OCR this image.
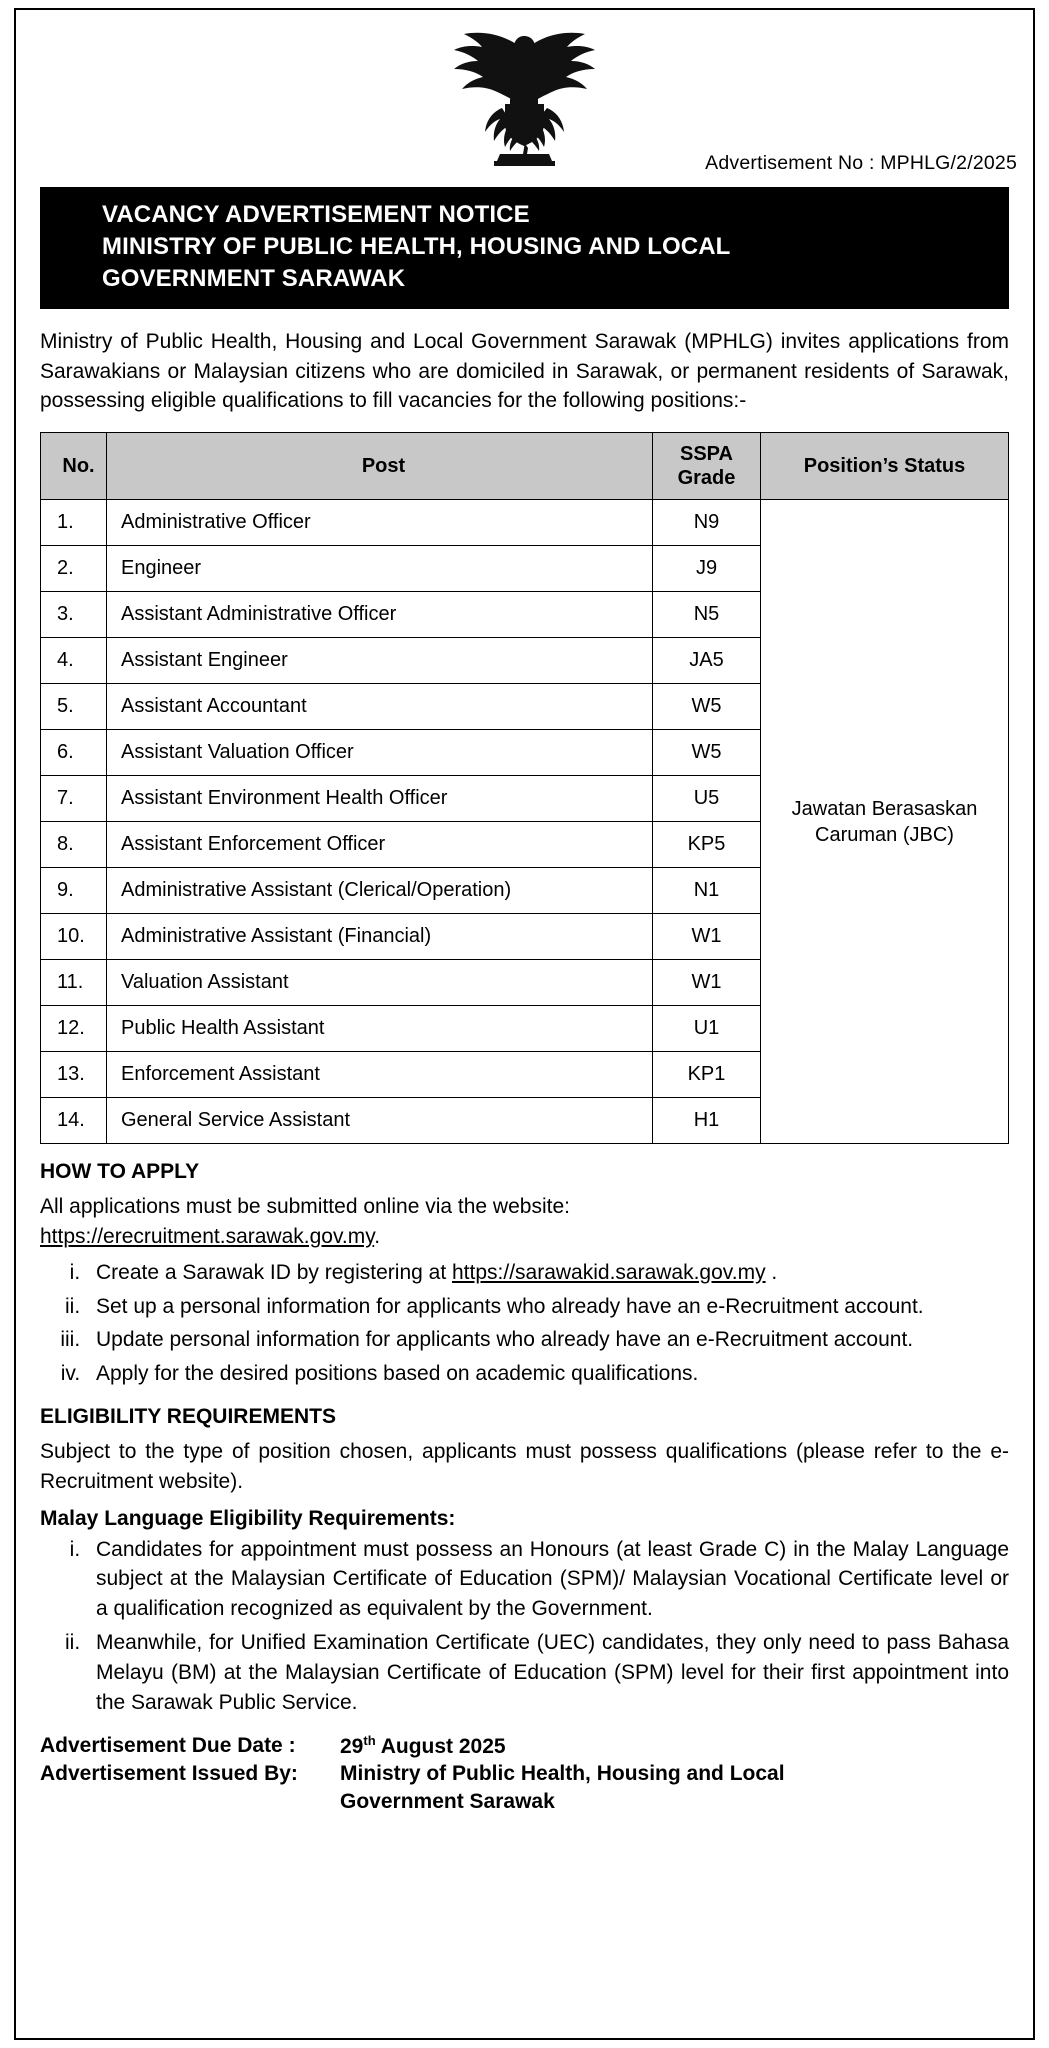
Advertisement No : MPHLG/2/2025
VACANCY ADVERTISEMENT NOTICE
MINISTRY OF PUBLIC HEALTH, HOUSING AND LOCAL
GOVERNMENT SARAWAK

Ministry of Public Health, Housing and Local Government Sarawak (MPHLG) invites applications from Sarawakians or Malaysian citizens who are domiciled in Sarawak, or permanent residents of Sarawak, possessing eligible qualifications to fill vacancies for the following positions:-

No.	Post	SSPA Grade	Position’s Status
1.	Administrative Officer	N9	Jawatan Berasaskan Caruman (JBC)
2.	Engineer	J9	
3.	Assistant Administrative Officer	N5	
4.	Assistant Engineer	JA5	
5.	Assistant Accountant	W5	
6.	Assistant Valuation Officer	W5	
7.	Assistant Environment Health Officer	U5	
8.	Assistant Enforcement Officer	KP5	
9.	Administrative Assistant (Clerical/Operation)	N1	
10.	Administrative Assistant (Financial)	W1	
11.	Valuation Assistant	W1	
12.	Public Health Assistant	U1	
13.	Enforcement Assistant	KP1	
14.	General Service Assistant	H1	
HOW TO APPLY

All applications must be submitted online via the website:
https://erecruitment.sarawak.gov.my.

i. Create a Sarawak ID by registering at https://sarawakid.sarawak.gov.my .
ii. Set up a personal information for applicants who already have an e-Recruitment account.
iii. Update personal information for applicants who already have an e-Recruitment account.
iv. Apply for the desired positions based on academic qualifications.
ELIGIBILITY REQUIREMENTS

Subject to the type of position chosen, applicants must possess qualifications (please refer to the e-Recruitment website).

Malay Language Eligibility Requirements:
i. Candidates for appointment must possess an Honours (at least Grade C) in the Malay Language subject at the Malaysian Certificate of Education (SPM)/ Malaysian Vocational Certificate level or a qualification recognized as equivalent by the Government.
ii. Meanwhile, for Unified Examination Certificate (UEC) candidates, they only need to pass Bahasa Melayu (BM) at the Malaysian Certificate of Education (SPM) level for their first appointment into the Sarawak Public Service.
Advertisement Due Date :	29th August 2025
Advertisement Issued By:	Ministry of Public Health, Housing and Local
Government Sarawak
